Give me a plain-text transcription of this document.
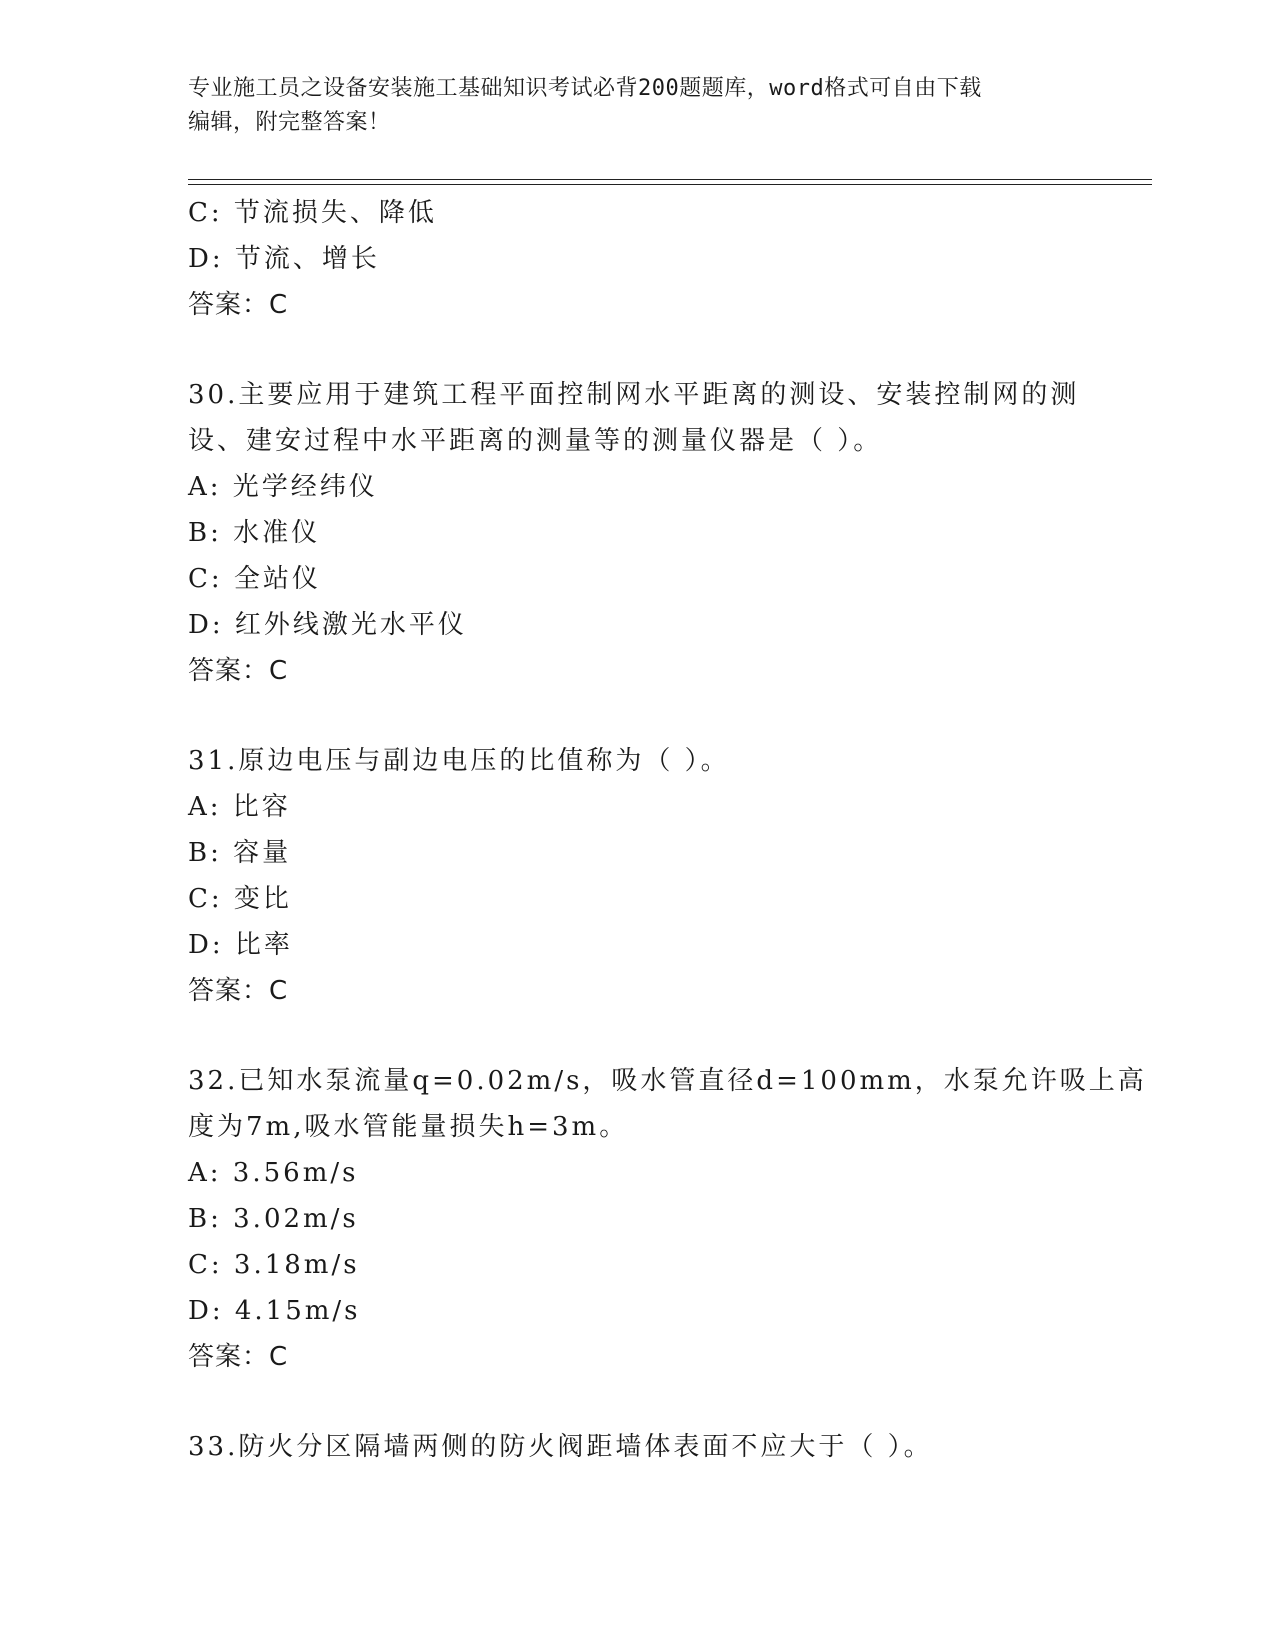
专业施工员之设备安装施工基础知识考试必背200题题库，word格式可自由下载
编辑，附完整答案！
C: 节流损失、降低
D: 节流、增长
答案：C
30.主要应用于建筑工程平面控制网水平距离的测设、安装控制网的测
设、建安过程中水平距离的测量等的测量仪器是（ ）。
A: 光学经纬仪
B: 水准仪
C: 全站仪
D: 红外线激光水平仪
答案：C
31.原边电压与副边电压的比值称为（ ）。
A: 比容
B: 容量
C: 变比
D: 比率
答案：C
32.已知水泵流量q=0.02m/s，吸水管直径d=100mm，水泵允许吸上高
度为7m,吸水管能量损失h=3m。
A: 3.56m/s
B: 3.02m/s
C: 3.18m/s
D: 4.15m/s
答案：C
33.防火分区隔墙两侧的防火阀距墙体表面不应大于（ ）。
